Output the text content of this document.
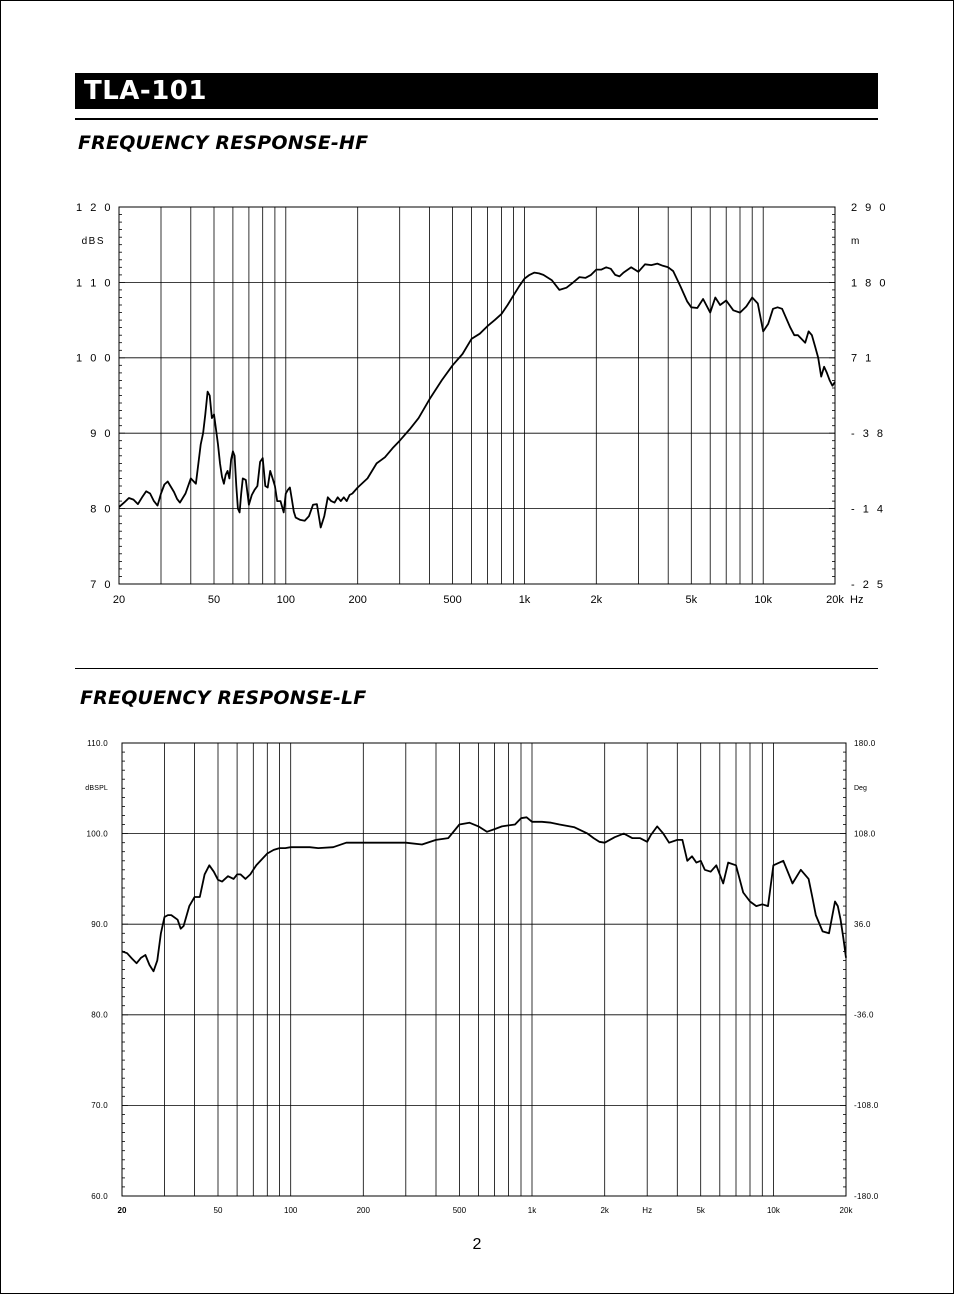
TLA-101
FREQUENCY RESPONSE-HF
FREQUENCY RESPONSE-LF
1 2 0
1 1 0
1 0 0
9 0
8 0
7 0
2 9 0
1 8 0
7 1
- 3 8
- 1 4
- 2 5
dBS	m
20	50	100	200	500	1k	2k	5k	10k	20k Hz
110.0
100.0
90.0
80.0
70.0
60.0
180.0
108.0
36.0
-36.0
-108.0
-180.0
dBSPL	Deg
20	50	100	200	500	1k	2k	Hz	5k	10k	20k
2
